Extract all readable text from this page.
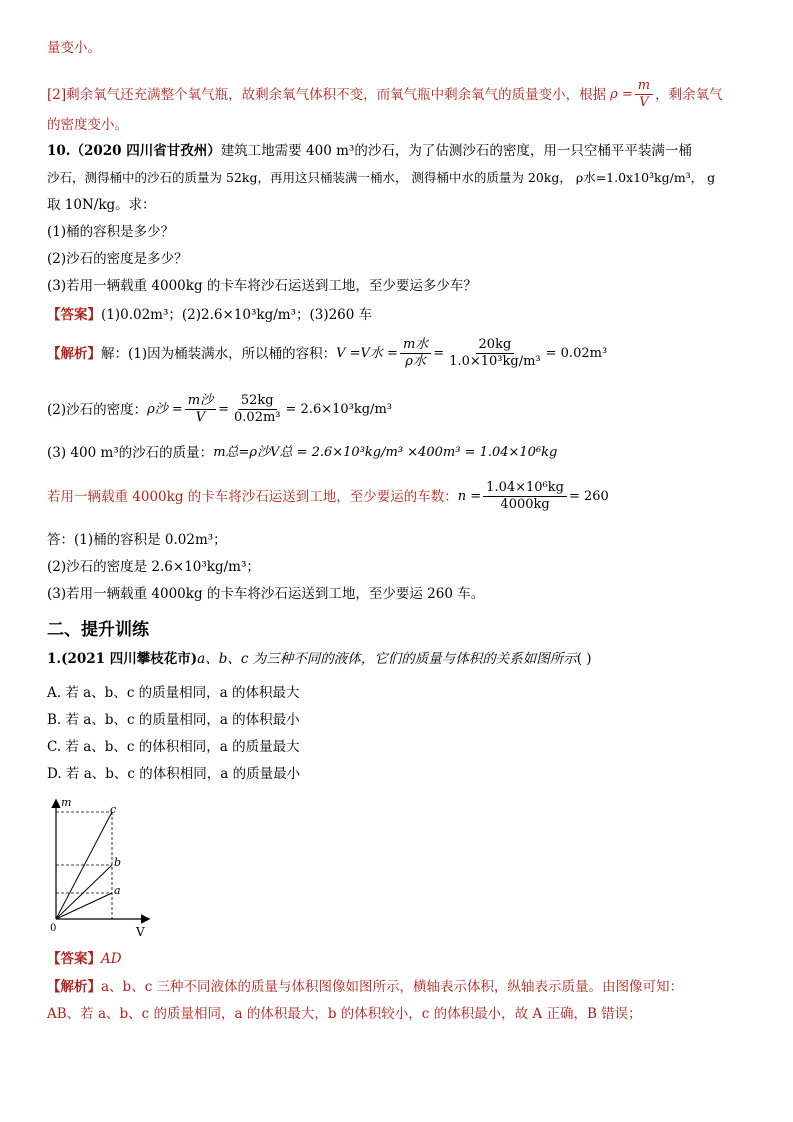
量变小。
[2]剩余氧气还充满整个氧气瓶，故剩余氧气体积不变，而氧气瓶中剩余氧气的质量变小，根据 $\rho = \frac{m}{V}$ ，剩余氧气
的密度变小。
10.（2020 四川省甘孜州）建筑工地需要 400 m³的沙石，为了估测沙石的密度，用一只空桶平平装满一桶
沙石，测得桶中的沙石的质量为 52kg，再用这只桶装满一桶水， 测得桶中水的质量为 20kg， ρ水=1.0x10³kg/m³， g
取 10N/kg。求：
(1)桶的容积是多少？
(2)沙石的密度是多少？
(3)若用一辆载重 4000kg 的卡车将沙石运送到工地，至少要运多少车？
【答案】(1)0.02m³；(2)2.6×10³kg/m³；(3)260 车
【解析】 解：(1)因为桶装满水，所以桶的容积： V =V水 = $\frac{\text{m水}}{\text{ρ水}} = \frac{20kg}{\text{1.0×10³kg/m³}} = 0.02m^3$
(2)沙石的密度： ρ沙 = $\frac{\text{m沙}}{V} = \frac{52kg}{\text{0.02m³}} = 2.6\times 10^3kg/m^3$
(3) 400 m³的沙石的质量： m总=ρ沙V总 = 2.6×10³kg/m³ ×400m³ = 1.04×10⁶kg
若用一辆载重 4000kg 的卡车将沙石运送到工地，至少要运的车数： $n = \frac{\text{1.04×10⁶kg}}{4000kg} = 260$
答：(1)桶的容积是 0.02m³；
(2)沙石的密度是 2.6×10³kg/m³；
(3)若用一辆载重 4000kg 的卡车将沙石运送到工地，至少要运 260 车。
二、提升训练
1.(2021 四川攀枝花市)a、b、c 为三种不同的液体，它们的质量与体积的关系如图所示( )
A. 若 a、b、c 的质量相同，a 的体积最大
B. 若 a、b、c 的质量相同，a 的体积最小
C. 若 a、b、c 的体积相同，a 的质量最大
D. 若 a、b、c 的体积相同，a 的质量最小
m
V
0
c
b
a
【答案】AD
【解析】a、b、c 三种不同液体的质量与体积图像如图所示，横轴表示体积，纵轴表示质量。由图像可知：
AB、若 a、b、c 的质量相同，a 的体积最大，b 的体积较小，c 的体积最小，故 A 正确，B 错误；
